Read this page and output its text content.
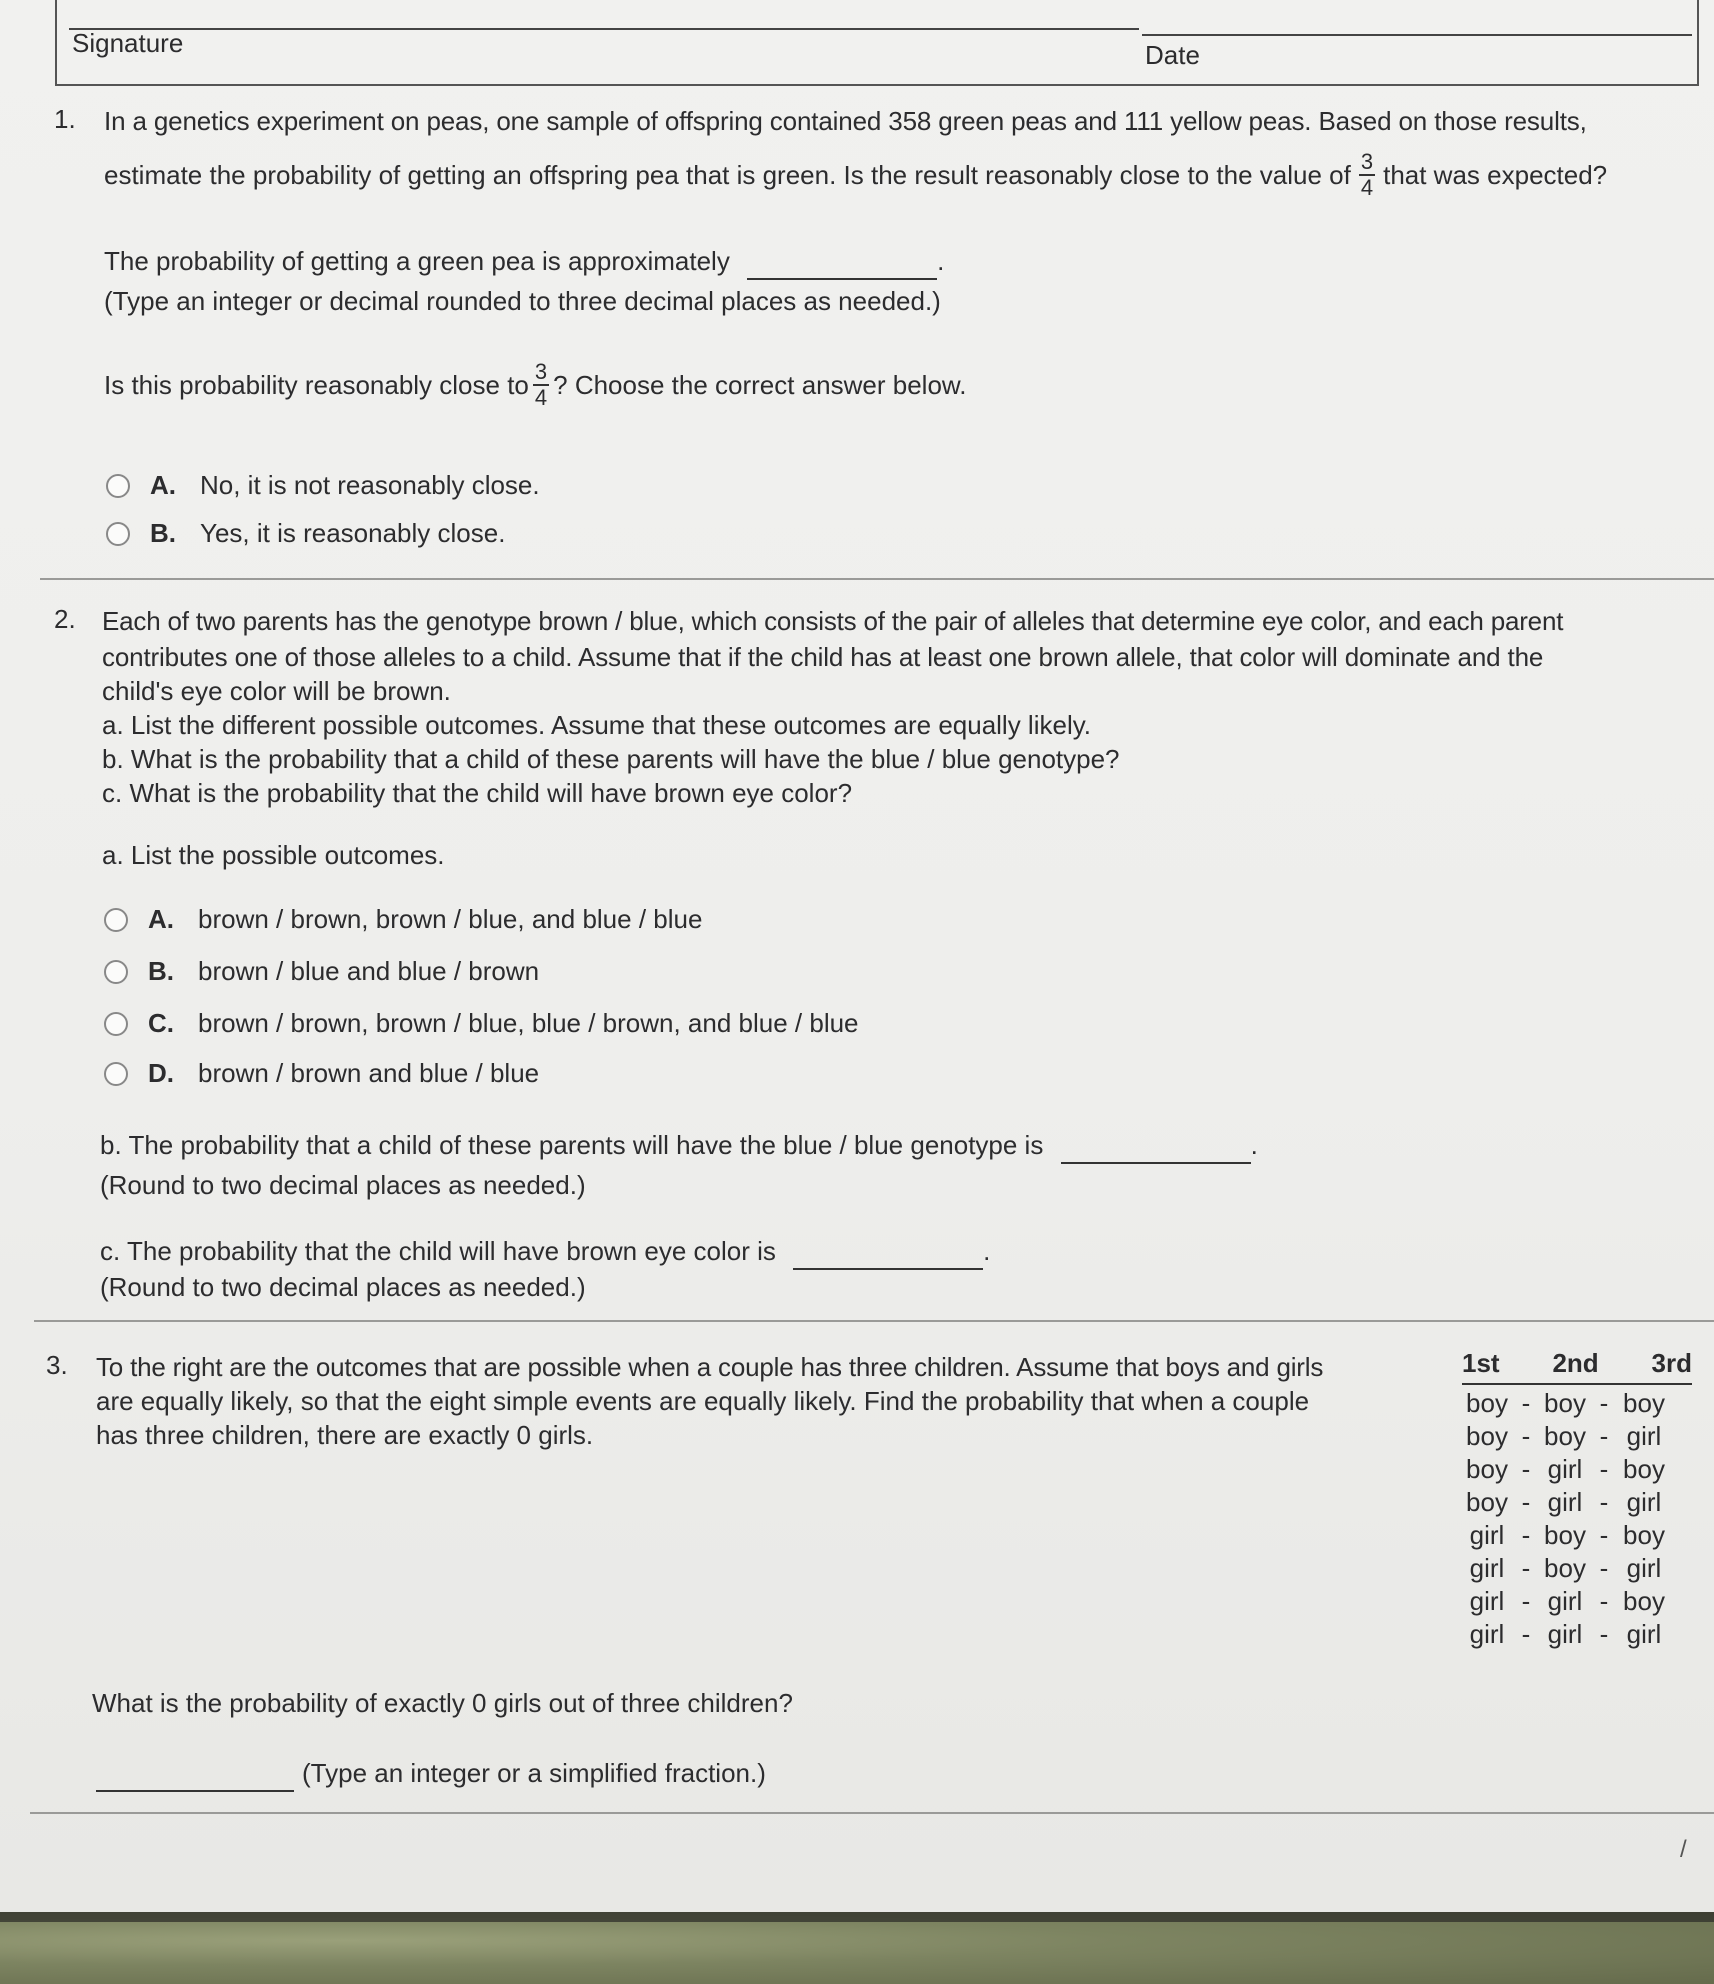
Signature	Date
1. In a genetics experiment on peas, one sample of offspring contained 358 green peas and 111 yellow peas. Based on those results,
estimate the probability of getting an offspring pea that is green. Is the result reasonably close to the value of $\frac{3}{4}$ that was expected?
The probability of getting a green pea is approximately	.
(Type an integer or decimal rounded to three decimal places as needed.)
Is this probability reasonably close to $\frac{3}{4}$ ? Choose the correct answer below.
A. No, it is not reasonably close.
B. Yes, it is reasonably close.
2. Each of two parents has the genotype brown / blue, which consists of the pair of alleles that determine eye color, and each parent
contributes one of those alleles to a child. Assume that if the child has at least one brown allele, that color will dominate and the
child's eye color will be brown.
a. List the different possible outcomes. Assume that these outcomes are equally likely.
b. What is the probability that a child of these parents will have the blue / blue genotype?
c. What is the probability that the child will have brown eye color?
a. List the possible outcomes.
A. brown / brown, brown / blue, and blue / blue
B. brown / blue and blue / brown
C. brown / brown, brown / blue, blue / brown, and blue / blue
D. brown / brown and blue / blue
b. The probability that a child of these parents will have the blue / blue genotype is	.
(Round to two decimal places as needed.)
c. The probability that the child will have brown eye color is	.
(Round to two decimal places as needed.)
3. To the right are the outcomes that are possible when a couple has three children. Assume that boys and girls
are equally likely, so that the eight simple events are equally likely. Find the probability that when a couple
has three children, there are exactly 0 girls.
1st 2nd 3rd
boy - boy - boy
boy - boy - girl
boy - girl - boy
boy - girl - girl
girl - boy - boy
girl - boy - girl
girl - girl - boy
girl - girl - girl
What is the probability of exactly 0 girls out of three children?
(Type an integer or a simplified fraction.)
/
